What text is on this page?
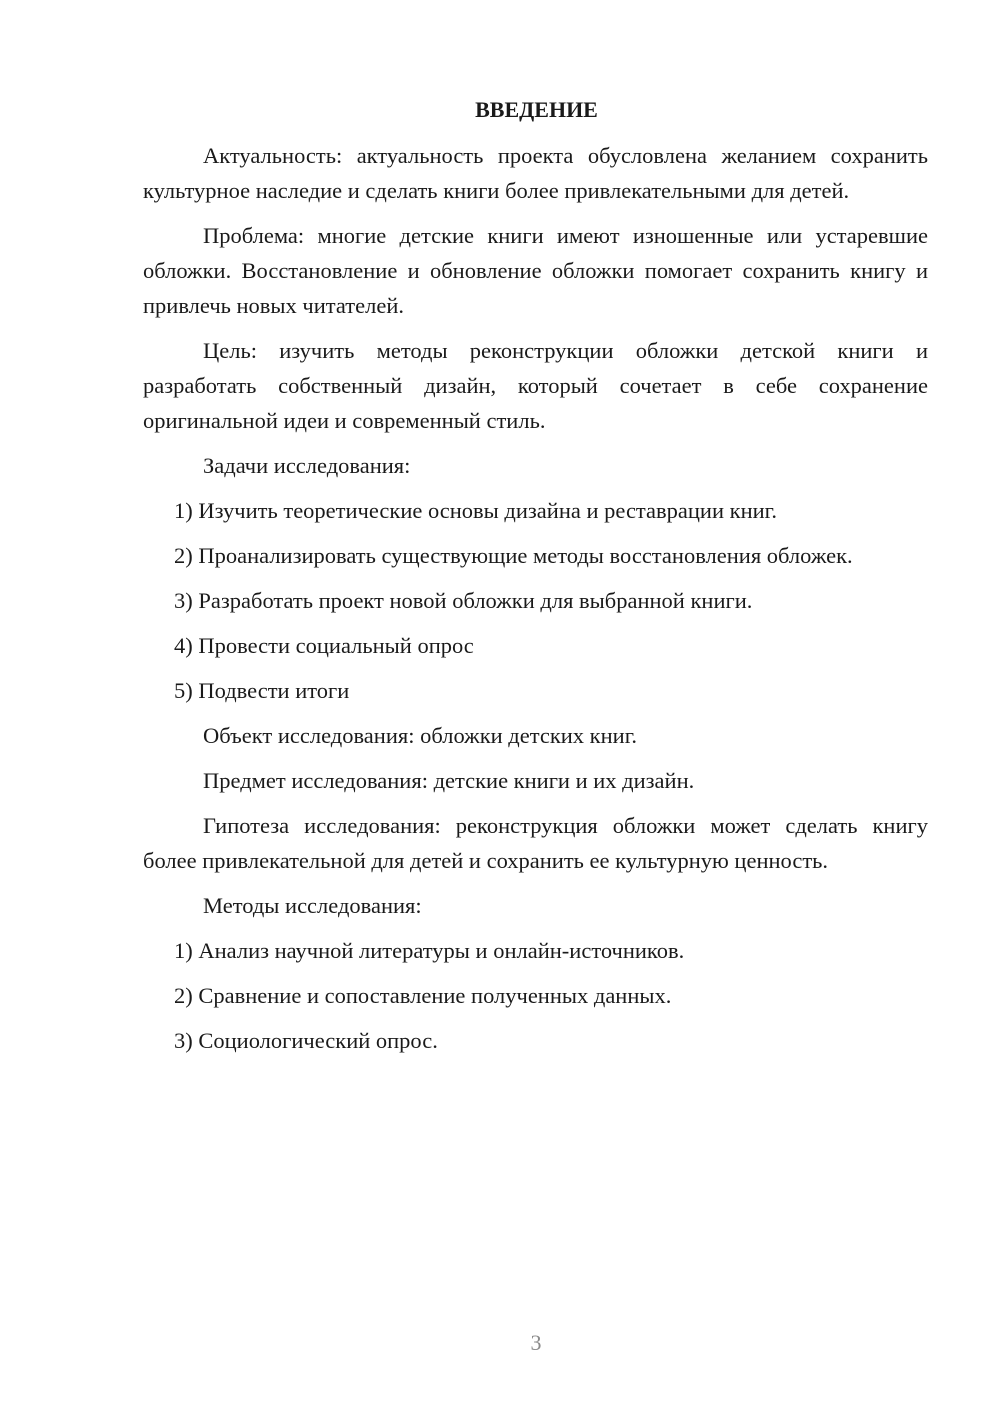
ВВЕДЕНИЕ

Актуальность: актуальность проекта обусловлена желанием сохранить культурное наследие и сделать книги более привлекательными для детей.

Проблема: многие детские книги имеют изношенные или устаревшие обложки. Восстановление и обновление обложки помогает сохранить книгу и привлечь новых читателей.

Цель: изучить методы реконструкции обложки детской книги и разработать собственный дизайн, который сочетает в себе сохранение оригинальной идеи и современный стиль.

Задачи исследования:

1) Изучить теоретические основы дизайна и реставрации книг.
2) Проанализировать существующие методы восстановления обложек.
3) Разработать проект новой обложки для выбранной книги.
4) Провести социальный опрос
5) Подвести итоги

Объект исследования: обложки детских книг.

Предмет исследования: детские книги и их дизайн.

Гипотеза исследования: реконструкция обложки может сделать книгу более привлекательной для детей и сохранить ее культурную ценность.

Методы исследования:

1) Анализ научной литературы и онлайн-источников.
2) Сравнение и сопоставление полученных данных.
3) Социологический опрос.
3
